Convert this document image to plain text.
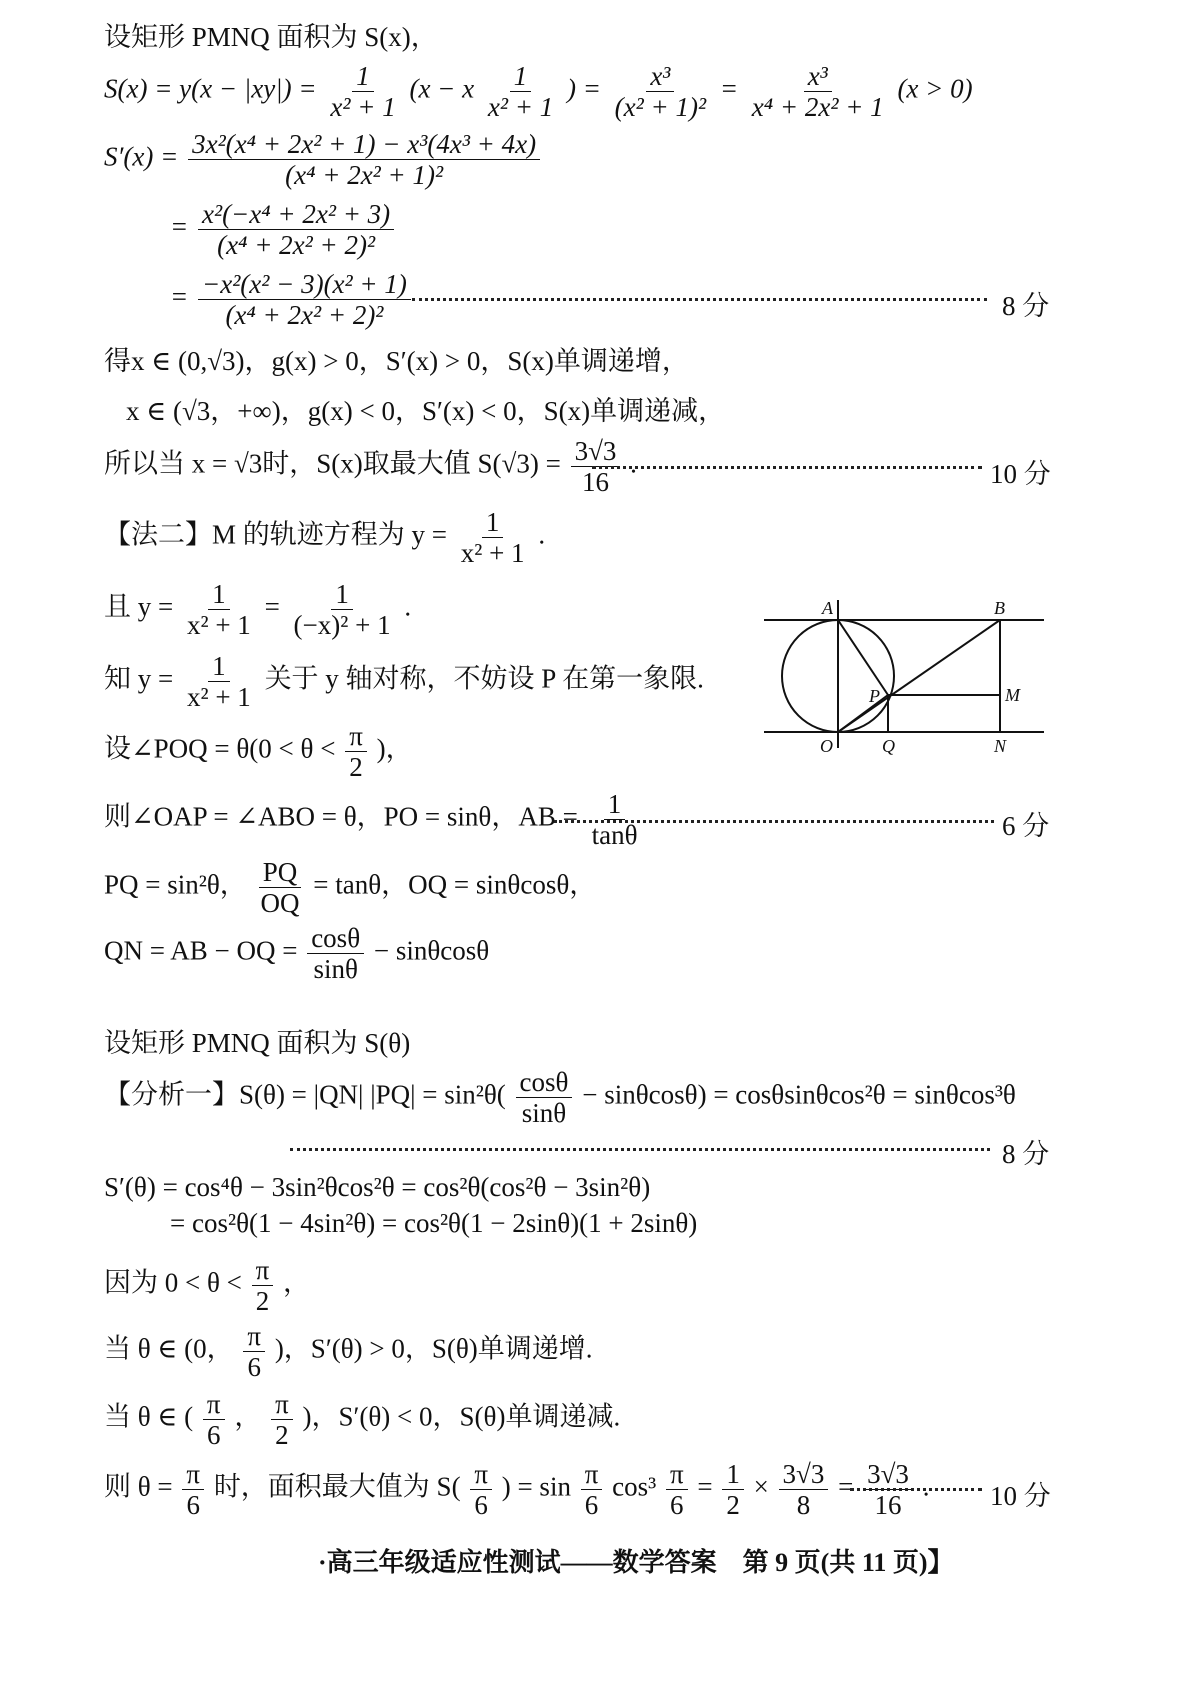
设矩形 PMNQ 面积为 S(x)，
$S(x) = y(x - |xy|) = \frac{1}{\text{x² + 1}} (x - x \frac{1}{\text{x² + 1}}$ ) = $\frac{\text{x³}}{\text{(x² + 1)²}} = \frac{\text{x³}}{\text{x⁴ + 2x² + 1}} (x > 0)$
$S'(x) = \frac{\text{3x²(x⁴ + 2x² + 1) − x³(4x³ + 4x)}}{\text{(x⁴ + 2x² + 1)²}}$
= $\frac{\text{x²(−x⁴ + 2x² + 3)}}{\text{(x⁴ + 2x² + 2)²}}$
= $\frac{\text{−x²(x² − 3)(x² + 1)}}{\text{(x⁴ + 2x² + 2)²}}$	8 分
得x ∈ (0,√3)，g(x) > 0，S′(x) > 0，S(x)单调递增，
x ∈ (√3，+∞)，g(x) < 0，S′(x) < 0，S(x)单调递减，
所以当 x = √3时，S(x)取最大值 $S(√3) = \frac{3√3}{16}$ .	10 分
【法二】M 的轨迹方程为 $y = \frac{1}{\text{x² + 1}}$ .
且 $y = \frac{1}{\text{x² + 1}} = \frac{1}{\text{(−x)² + 1}}$ .
知 $y = \frac{1}{\text{x² + 1}}$ 关于 y 轴对称，不妨设 P 在第一象限.
设∠POQ = $\theta(0 < \theta < \frac{\pi}{2}$ )，
则∠OAP = ∠ABO = θ，PO = sinθ，AB = $\frac{1}{\tan\theta}$	6 分
PQ = sin²θ， $\frac{PQ}{OQ} = \tan\theta$，OQ = sinθcosθ，
QN = AB − OQ = $\frac{\cos\theta}{\sin\theta} - \sin\theta\cos\theta$
A	B
P	M
O	Q	N
设矩形 PMNQ 面积为 S(θ)
【分析一】S(θ) = |QN| $|PQ| = \sin^2\theta( \frac{\cos\theta}{\sin\theta} - \sin\theta\cos\theta) = \cos\theta\sin\theta\cos^2\theta = \sin\theta\cos^3\theta$
8 分
S′(θ) = cos⁴θ − 3sin²θcos²θ = cos²θ(cos²θ − 3sin²θ)
= cos²θ(1 − 4sin²θ) = cos²θ(1 − 2sinθ)(1 + 2sinθ)
因为 $0 < \theta < \frac{\pi}{2}$ ，
当 θ ∈ (0， $\frac{\pi}{6}$ )，S′(θ) > 0，S(θ)单调递增.
当 θ ∈ ( $\frac{\pi}{6}$ ， $\frac{\pi}{2}$ )，S′(θ) < 0，S(θ)单调递减.
则 $\theta = \frac{\pi}{6}$ 时，面积最大值为 $S( \frac{\pi}{6}$ ) = $\sin \frac{\pi}{6} \cos^3 \frac{\pi}{6} = \frac{1}{2} \times \frac{3√3}{8} = \frac{3√3}{16}$ . 10 分
·高三年级适应性测试——数学答案　第 9 页(共 11 页)】
